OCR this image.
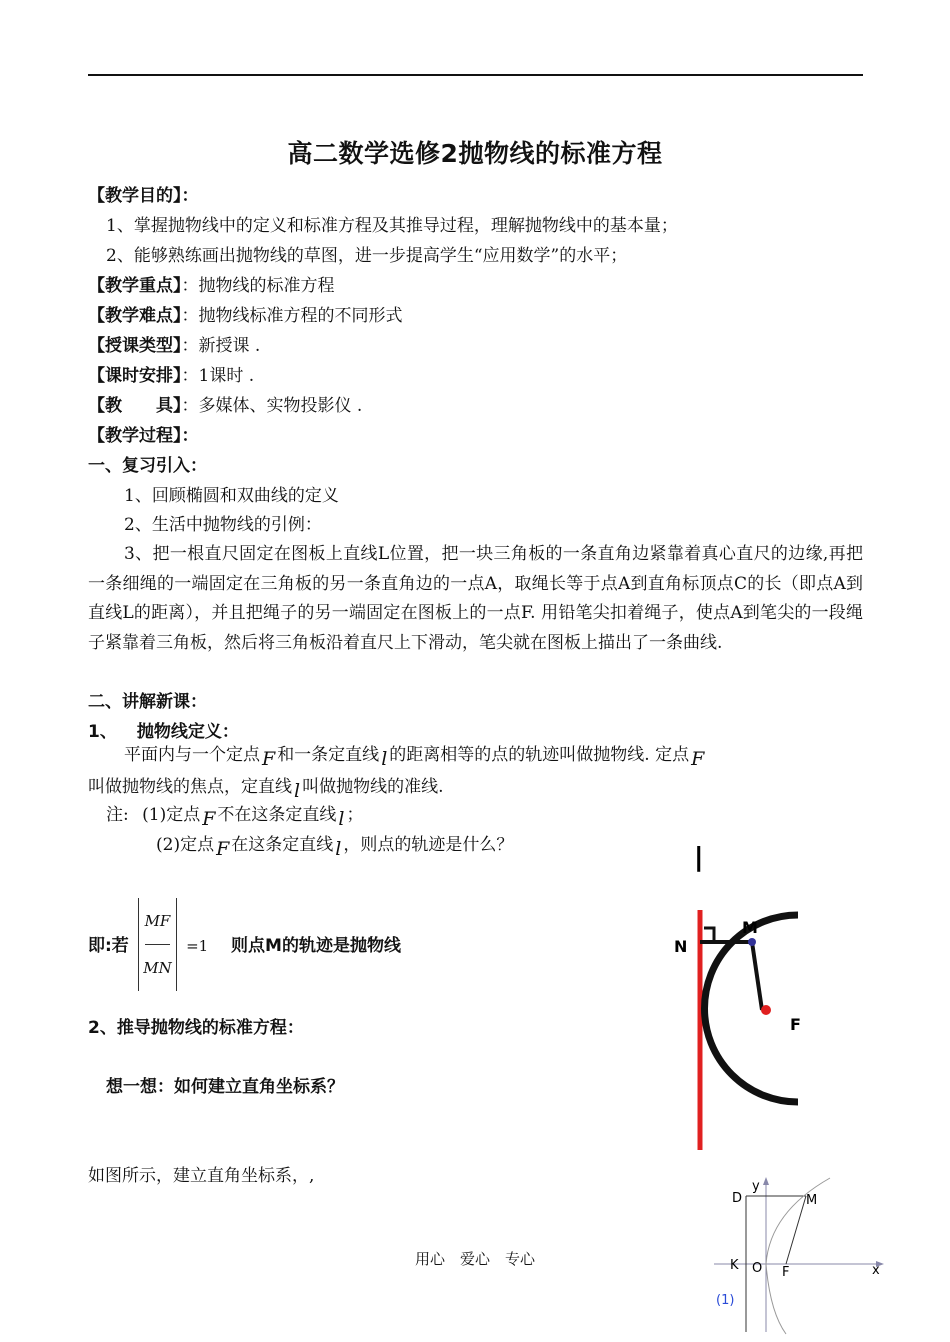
高二数学选修2抛物线的标准方程
【教学目的】：
1、掌握抛物线中的定义和标准方程及其推导过程，理解抛物线中的基本量；
2、能够熟练画出抛物线的草图，进一步提高学生“应用数学”的水平；
【教学重点】：抛物线的标准方程
【教学难点】：抛物线标准方程的不同形式
【授课类型】：新授课 .
【课时安排】：1课时 .
【教　　具】：多媒体、实物投影仪 .
【教学过程】：
一、复习引入：
1、回顾椭圆和双曲线的定义
2、生活中抛物线的引例：
3、把一根直尺固定在图板上直线L位置，把一块三角板的一条直角边紧靠着真心直尺的边缘,再把一条细绳的一端固定在三角板的另一条直角边的一点A，取绳长等于点A到直角标顶点C的长（即点A到直线L的距离），并且把绳子的另一端固定在图板上的一点F. 用铅笔尖扣着绳子，使点A到笔尖的一段绳子紧靠着三角板，然后将三角板沿着直尺上下滑动，笔尖就在图板上描出了一条曲线.
二、讲解新课：
1、 抛物线定义：
平面内与一个定点 F 和一条定直线 l 的距离相等的点的轨迹叫做抛物线. 定点 F
叫做抛物线的焦点，定直线 l 叫做抛物线的准线.
注: (1)定点 F 不在这条定直线 l ；
(2)定点 F 在这条定直线 l ，则点的轨迹是什么？
即:若 $\frac{MF}{MN} =1$ 则点M的轨迹是抛物线
2、推导抛物线的标准方程：
想一想：如何建立直角坐标系？
如图所示，建立直角坐标系，,
l
N
M
F
y
x
D	M
K O F
(1)
用心　爱心　专心
